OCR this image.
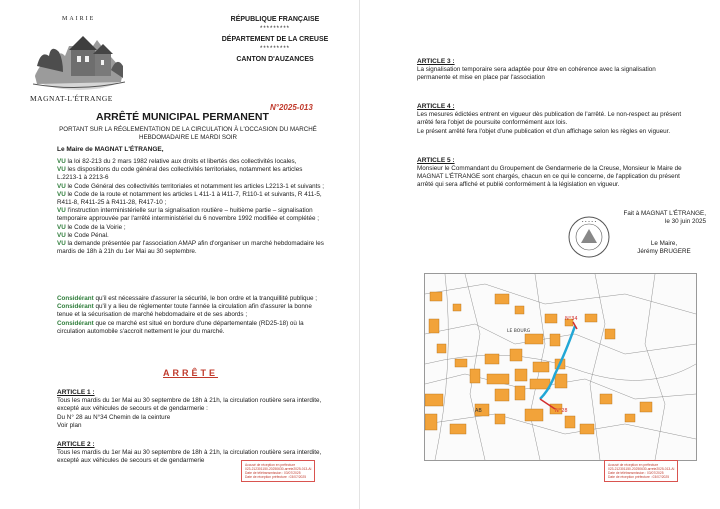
MAIRIE
MAGNAT-L'ÉTRANGE
RÉPUBLIQUE FRANÇAISE
*********
DÉPARTEMENT DE LA CREUSE
*********
CANTON D'AUZANCES
N°2025-013
ARRÊTÉ MUNICIPAL PERMANENT
PORTANT SUR LA RÉGLEMENTATION DE LA CIRCULATION À L'OCCASION DU MARCHÉ HEBDOMADAIRE LE MARDI SOIR
Le Maire de MAGNAT L'ÉTRANGE,
VU la loi 82-213 du 2 mars 1982 relative aux droits et libertés des collectivités locales,
VU les dispositions du code général des collectivités territoriales, notamment les articles L.2213-1 à 2213-6
VU le Code Général des collectivités territoriales et notamment les articles L2213-1 et suivants ;
VU le Code de la route et notamment les articles L 411-1 à l411-7, R110-1 et suivants, R 411-5, R411-8, R411-25 à R411-28, R417-10 ;
VU l'instruction interministérielle sur la signalisation routière – huitième partie – signalisation temporaire approuvée par l'arrêté interministériel du 6 novembre 1992 modifiée et complétée ;
VU le Code de la Voirie ;
VU le Code Pénal.
VU la demande présentée par l'association AMAP afin d'organiser un marché hebdomadaire les mardis de 18h à 21h du 1er Mai au 30 septembre.
Considérant qu'il est nécessaire d'assurer la sécurité, le bon ordre et la tranquillité publique ;
Considérant qu'il y a lieu de réglementer toute l'année la circulation afin d'assurer la bonne tenue et la sécurisation de marché hebdomadaire et de ses abords ;
Considérant que ce marché est situé en bordure d'une départementale (RD25-18) où la circulation automobile s'accroit nettement le jour du marché.
ARRÊTE
ARTICLE 1 :
Tous les mardis du 1er Mai au 30 septembre de 18h à 21h, la circulation routière sera interdite, excepté aux véhicules de secours et de gendarmerie :
Du N° 28 au N°34 Chemin de la ceinture
Voir plan
ARTICLE 2 :
Tous les mardis du 1er Mai au 30 septembre de 18h à 21h, la circulation routière sera interdite, excepté aux véhicules de secours et de gendarmerie
Accusé de réception en préfecture
023-212301150-20250630-arrete2025-013-AI
Date de télétransmission : 03/07/2025
Date de réception préfecture : 03/07/2025
ARTICLE 3 :
La signalisation temporaire sera adaptée pour être en cohérence avec la signalisation permanente et mise en place par l'association
ARTICLE 4 :
Les mesures édictées entrent en vigueur dès publication de l'arrêté. Le non-respect au présent arrêté fera l'objet de poursuite conformément aux lois.
Le présent arrêté fera l'objet d'une publication et d'un affichage selon les règles en vigueur.
ARTICLE 5 :
Monsieur le Commandant du Groupement de Gendarmerie de la Creuse, Monsieur le Maire de MAGNAT L'ÉTRANGE sont chargés, chacun en ce qui le concerne, de l'application du présent arrêté qui sera affiché et publié conformément à la législation en vigueur.
Fait à MAGNAT L'ÉTRANGE,
le 30 juin 2025
• • • • •
Le Maire,
Jérémy BRUGERE
N°34
N°28
LE BOURG
AB
Accusé de réception en préfecture
023-212301150-20250630-arrete2025-013-AI
Date de télétransmission : 03/07/2025
Date de réception préfecture : 03/07/2025
